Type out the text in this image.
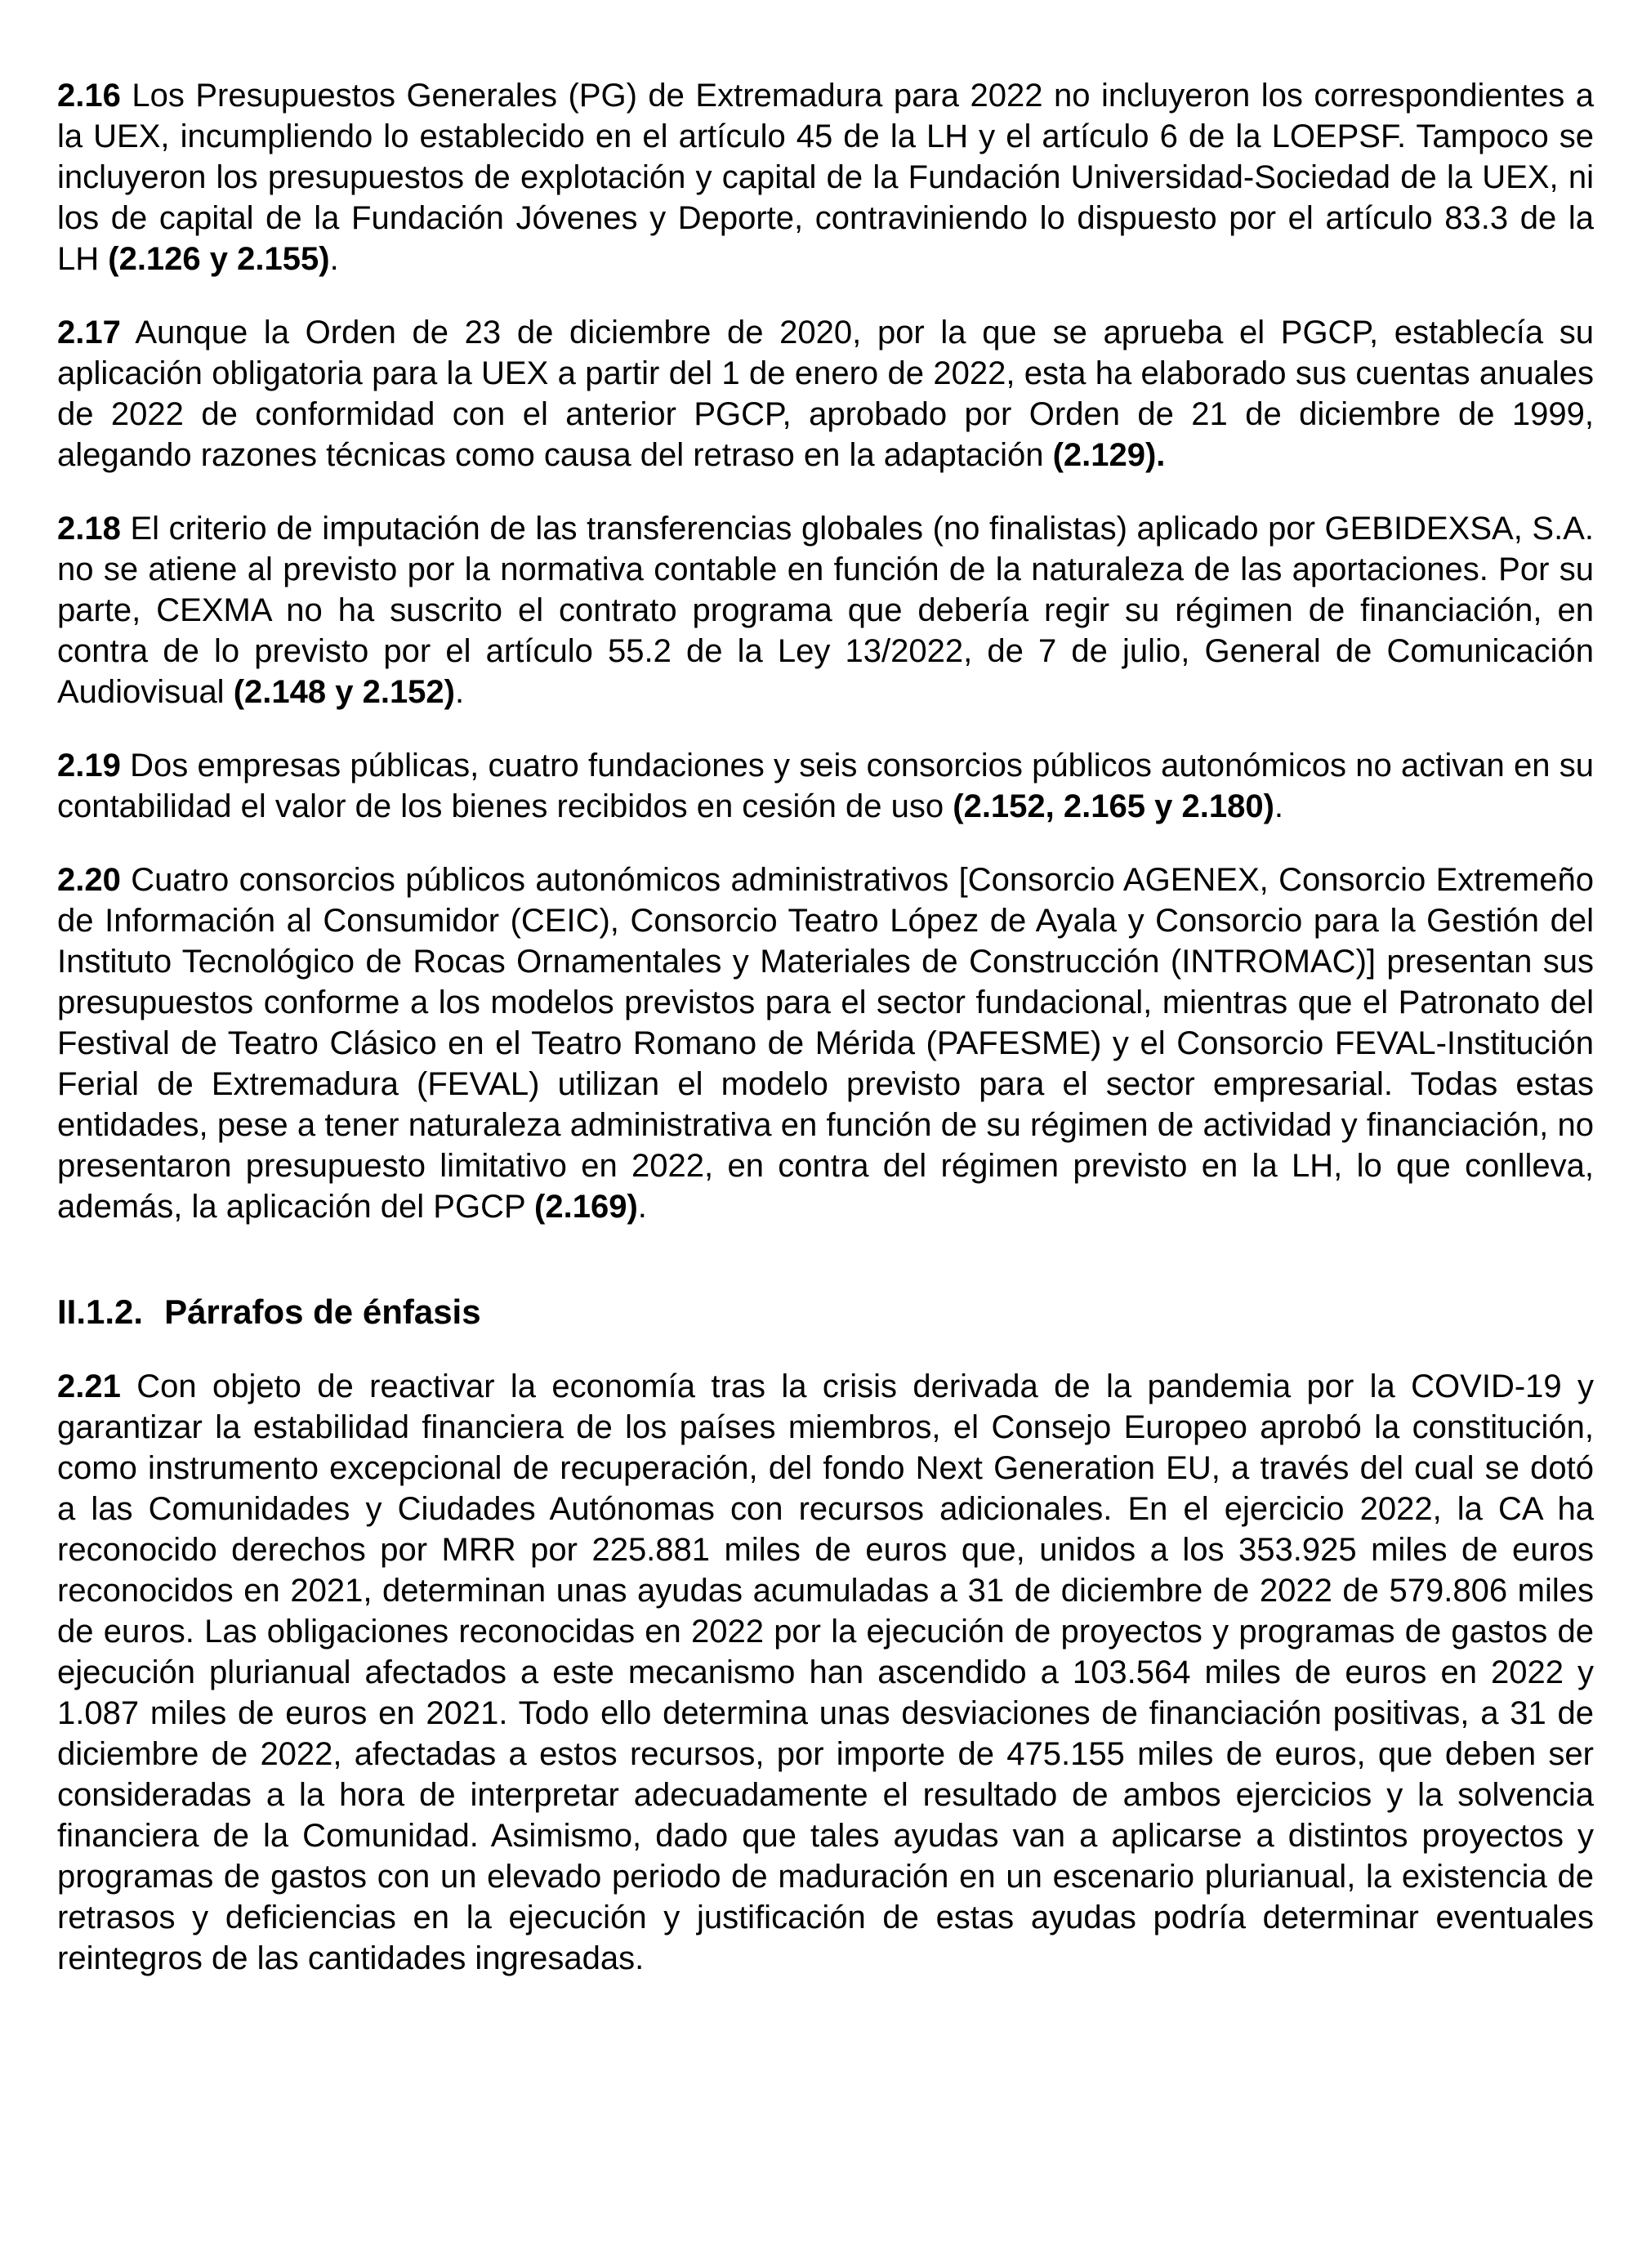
2.16 Los Presupuestos Generales (PG) de Extremadura para 2022 no incluyeron los correspondientes a la UEX, incumpliendo lo establecido en el artículo 45 de la LH y el artículo 6 de la LOEPSF. Tampoco se incluyeron los presupuestos de explotación y capital de la Fundación Universidad-Sociedad de la UEX, ni los de capital de la Fundación Jóvenes y Deporte, contraviniendo lo dispuesto por el artículo 83.3 de la LH (2.126 y 2.155).

2.17 Aunque la Orden de 23 de diciembre de 2020, por la que se aprueba el PGCP, establecía su aplicación obligatoria para la UEX a partir del 1 de enero de 2022, esta ha elaborado sus cuentas anuales de 2022 de conformidad con el anterior PGCP, aprobado por Orden de 21 de diciembre de 1999, alegando razones técnicas como causa del retraso en la adaptación (2.129).

2.18 El criterio de imputación de las transferencias globales (no finalistas) aplicado por GEBIDEXSA, S.A. no se atiene al previsto por la normativa contable en función de la naturaleza de las aportaciones. Por su parte, CEXMA no ha suscrito el contrato programa que debería regir su régimen de financiación, en contra de lo previsto por el artículo 55.2 de la Ley 13/2022, de 7 de julio, General de Comunicación Audiovisual (2.148 y 2.152).

2.19 Dos empresas públicas, cuatro fundaciones y seis consorcios públicos autonómicos no activan en su contabilidad el valor de los bienes recibidos en cesión de uso (2.152, 2.165 y 2.180).

2.20 Cuatro consorcios públicos autonómicos administrativos [Consorcio AGENEX, Consorcio Extremeño de Información al Consumidor (CEIC), Consorcio Teatro López de Ayala y Consorcio para la Gestión del Instituto Tecnológico de Rocas Ornamentales y Materiales de Construcción (INTROMAC)] presentan sus presupuestos conforme a los modelos previstos para el sector fundacional, mientras que el Patronato del Festival de Teatro Clásico en el Teatro Romano de Mérida (PAFESME) y el Consorcio FEVAL-Institución Ferial de Extremadura (FEVAL) utilizan el modelo previsto para el sector empresarial. Todas estas entidades, pese a tener naturaleza administrativa en función de su régimen de actividad y financiación, no presentaron presupuesto limitativo en 2022, en contra del régimen previsto en la LH, lo que conlleva, además, la aplicación del PGCP (2.169).

II.1.2. Párrafos de énfasis

2.21 Con objeto de reactivar la economía tras la crisis derivada de la pandemia por la COVID-19 y garantizar la estabilidad financiera de los países miembros, el Consejo Europeo aprobó la constitución, como instrumento excepcional de recuperación, del fondo Next Generation EU, a través del cual se dotó a las Comunidades y Ciudades Autónomas con recursos adicionales. En el ejercicio 2022, la CA ha reconocido derechos por MRR por 225.881 miles de euros que, unidos a los 353.925 miles de euros reconocidos en 2021, determinan unas ayudas acumuladas a 31 de diciembre de 2022 de 579.806 miles de euros. Las obligaciones reconocidas en 2022 por la ejecución de proyectos y programas de gastos de ejecución plurianual afectados a este mecanismo han ascendido a 103.564 miles de euros en 2022 y 1.087 miles de euros en 2021. Todo ello determina unas desviaciones de financiación positivas, a 31 de diciembre de 2022, afectadas a estos recursos, por importe de 475.155 miles de euros, que deben ser consideradas a la hora de interpretar adecuadamente el resultado de ambos ejercicios y la solvencia financiera de la Comunidad. Asimismo, dado que tales ayudas van a aplicarse a distintos proyectos y programas de gastos con un elevado periodo de maduración en un escenario plurianual, la existencia de retrasos y deficiencias en la ejecución y justificación de estas ayudas podría determinar eventuales reintegros de las cantidades ingresadas.
